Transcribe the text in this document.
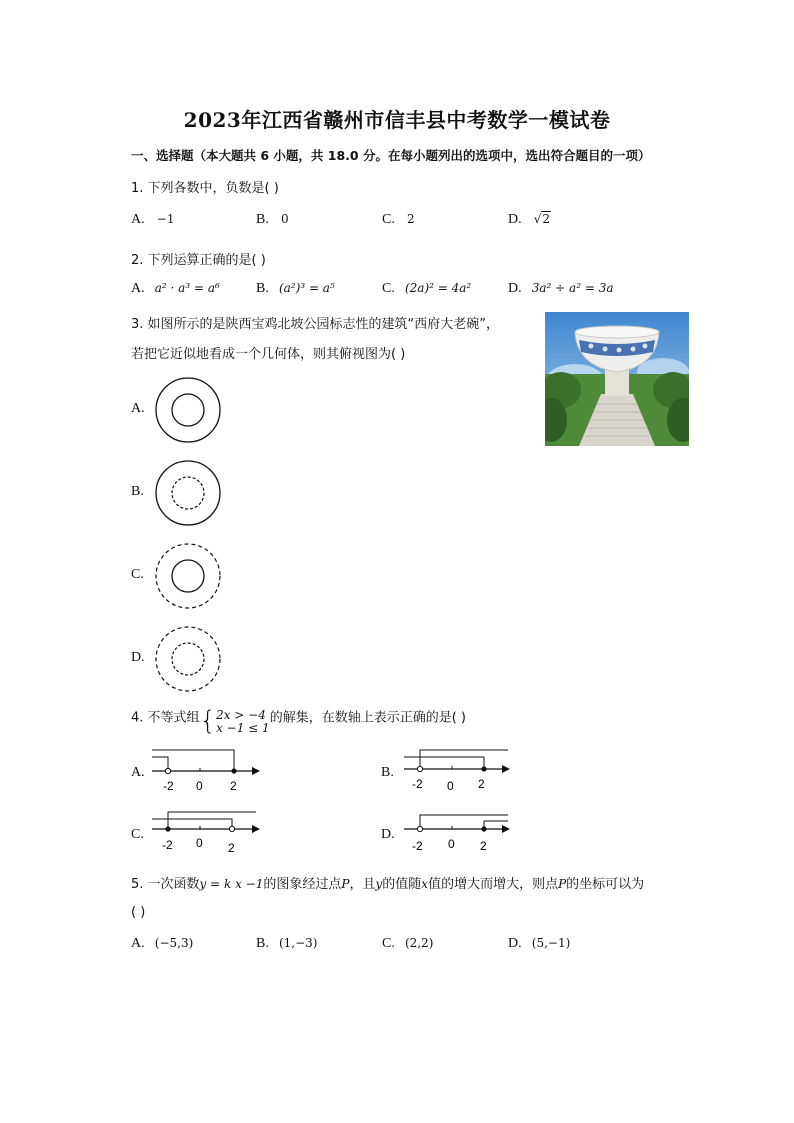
2023年江西省赣州市信丰县中考数学一模试卷
一、选择题（本大题共 6 小题，共 18.0 分。在每小题列出的选项中，选出符合题目的一项）
1. 下列各数中，负数是( )
A. −1	B. 0	C. 2	D. √2
2. 下列运算正确的是( )
A. a² · a³ = a⁶	B. (a²)³ = a⁵	C. (2a)² = 4a²	D. 3a² ÷ a² = 3a
3. 如图所示的是陕西宝鸡北坡公园标志性的建筑“西府大老碗”，
若把它近似地看成一个几何体，则其俯视图为( )
A.
B.
C.
D.
4. 不等式组{ 2x > −4
x −1 ≤ 1
的解集，在数轴上表示正确的是( )
A.
-2 0 2
B.
-2 0 2
C.
-2 0 2
D.
-2 0 2
5. 一次函数y = k x −1的图象经过点P，且y的值随x值的增大而增大，则点P的坐标可以为
( )
A. (−5,3)	B. (1,−3)	C. (2,2)	D. (5,−1)
